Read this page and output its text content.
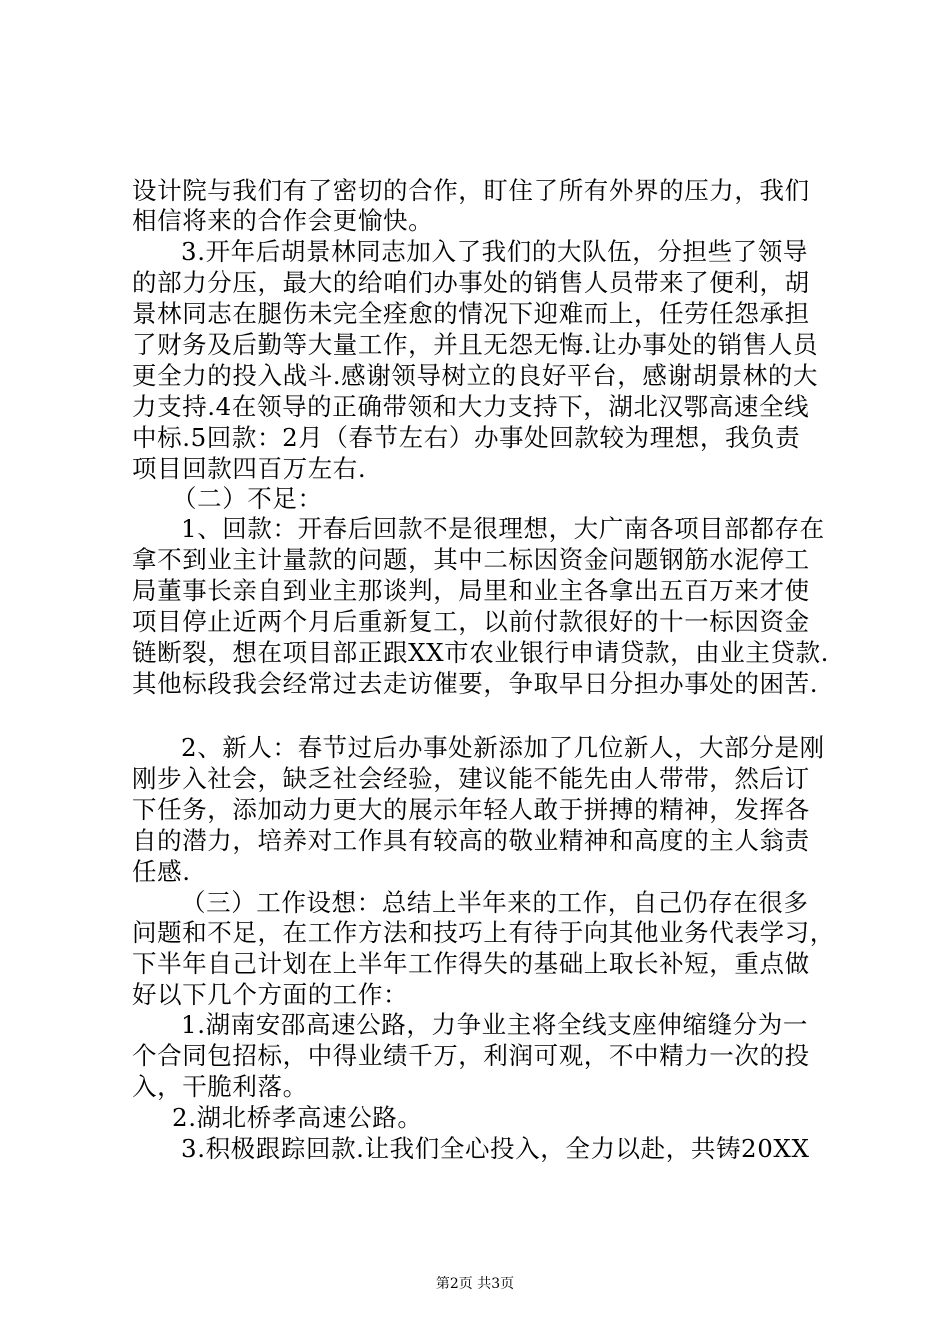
设计院与我们有了密切的合作，盯住了所有外界的压力，我们
相信将来的合作会更愉快。
3.开年后胡景林同志加入了我们的大队伍，分担些了领导
的部力分压，最大的给咱们办事处的销售人员带来了便利，胡
景林同志在腿伤未完全痊愈的情况下迎难而上，任劳任怨承担
了财务及后勤等大量工作，并且无怨无悔.让办事处的销售人员
更全力的投入战斗.感谢领导树立的良好平台，感谢胡景林的大
力支持.4在领导的正确带领和大力支持下，湖北汉鄂高速全线
中标.5回款：2月（春节左右）办事处回款较为理想，我负责
项目回款四百万左右.
（二）不足：
1、回款：开春后回款不是很理想，大广南各项目部都存在
拿不到业主计量款的问题，其中二标因资金问题钢筋水泥停工
局董事长亲自到业主那谈判，局里和业主各拿出五百万来才使
项目停止近两个月后重新复工，以前付款很好的十一标因资金
链断裂，想在项目部正跟XX市农业银行申请贷款，由业主贷款.
其他标段我会经常过去走访催要，争取早日分担办事处的困苦.
2、新人：春节过后办事处新添加了几位新人，大部分是刚
刚步入社会，缺乏社会经验，建议能不能先由人带带，然后订
下任务，添加动力更大的展示年轻人敢于拼搏的精神，发挥各
自的潜力，培养对工作具有较高的敬业精神和高度的主人翁责
任感.
（三）工作设想：总结上半年来的工作，自己仍存在很多
问题和不足，在工作方法和技巧上有待于向其他业务代表学习，
下半年自己计划在上半年工作得失的基础上取长补短，重点做
好以下几个方面的工作：
1.湖南安邵高速公路，力争业主将全线支座伸缩缝分为一
个合同包招标，中得业绩千万，利润可观，不中精力一次的投
入，干脆利落。
2.湖北桥孝高速公路。
3.积极跟踪回款.让我们全心投入，全力以赴，共铸20XX
第2页 共3页
